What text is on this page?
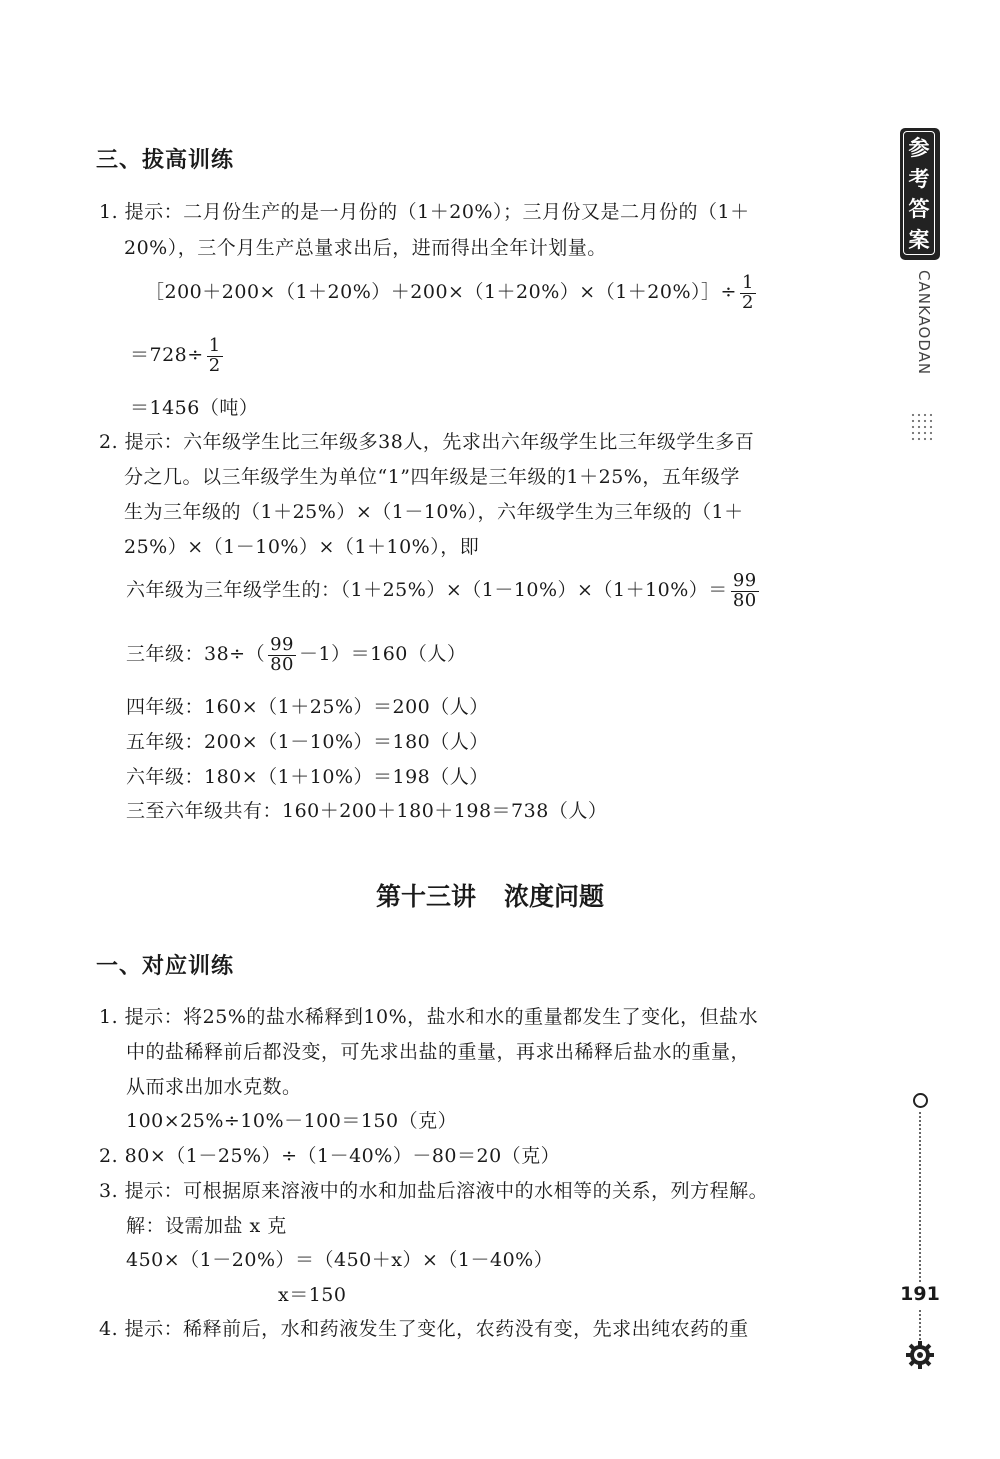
参
考
答
案
CANKAODAN
三、拔高训练
1. 提示：二月份生产的是一月份的（1＋20%）；三月份又是二月份的（1＋
20%），三个月生产总量求出后，进而得出全年计划量。
［200＋200×（1＋20%）＋200×（1＋20%）×（1＋20%）］÷ $\frac{1}{2}$
$=728\div \frac{1}{2}$
＝1456（吨）
2. 提示：六年级学生比三年级多38人，先求出六年级学生比三年级学生多百
分之几。以三年级学生为单位“1”四年级是三年级的1＋25%，五年级学
生为三年级的（1＋25%）×（1－10%），六年级学生为三年级的（1＋
25%）×（1－10%）×（1＋10%），即
六年级为三年级学生的：$(1+25\%)\times(1-10\%)\times(1+10\%)= \frac{99}{80}$
三年级：$38\div( \frac{99}{80} -1)=160$（人）
四年级：160×（1＋25%）＝200（人）
五年级：200×（1－10%）＝180（人）
六年级：180×（1＋10%）＝198（人）
三至六年级共有：160＋200＋180＋198＝738（人）
第十三讲 浓度问题
一、对应训练
1. 提示：将25%的盐水稀释到10%，盐水和水的重量都发生了变化，但盐水
中的盐稀释前后都没变，可先求出盐的重量，再求出稀释后盐水的重量，
从而求出加水克数。
100×25%÷10%－100＝150（克）
2. 80×（1－25%）÷（1－40%）－80＝20（克）
3. 提示：可根据原来溶液中的水和加盐后溶液中的水相等的关系，列方程解。
解：设需加盐 x 克
450×（1－20%）＝（450＋x）×（1－40%）
x＝150
4. 提示：稀释前后，水和药液发生了变化，农药没有变，先求出纯农药的重
191
